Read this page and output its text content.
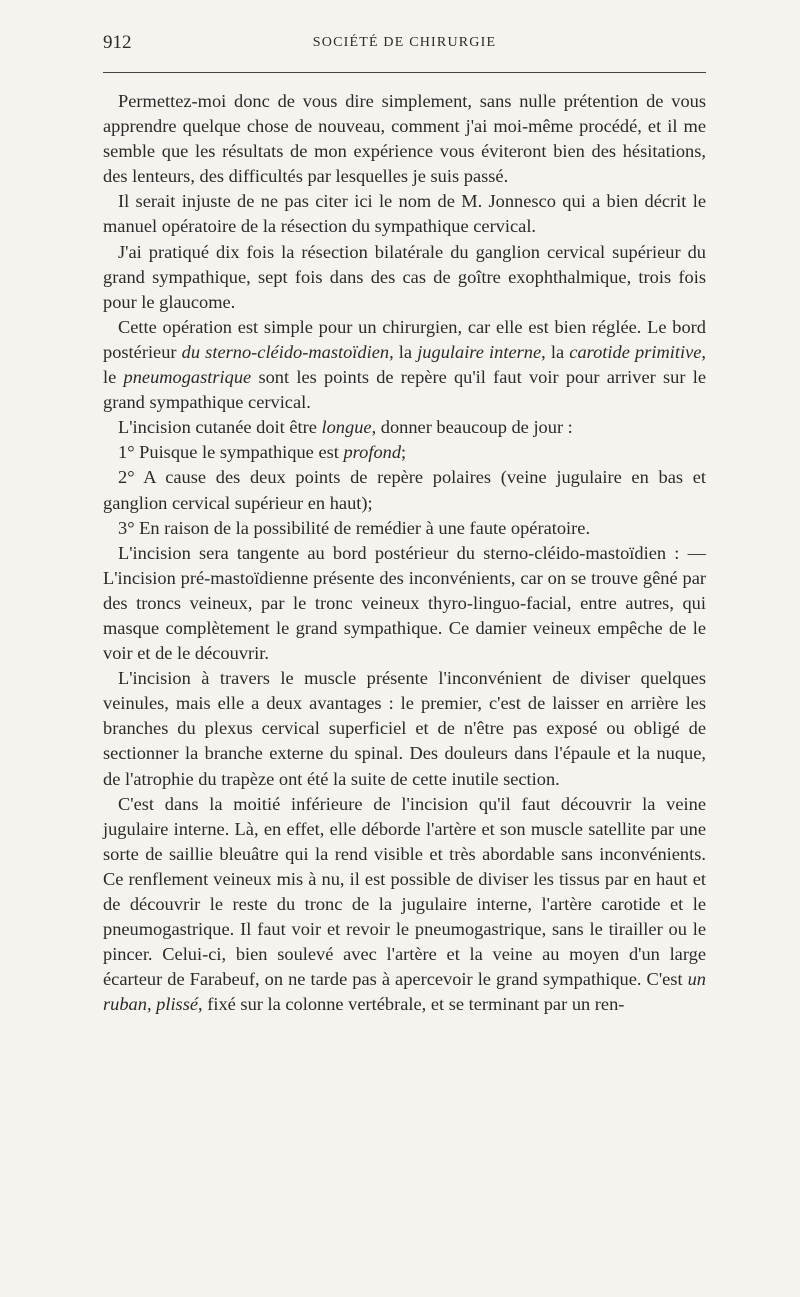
912	SOCIÉTÉ DE CHIRURGIE

Permettez-moi donc de vous dire simplement, sans nulle prétention de vous apprendre quelque chose de nouveau, comment j'ai moi-même procédé, et il me semble que les résultats de mon expérience vous éviteront bien des hésitations, des lenteurs, des difficultés par lesquelles je suis passé.

Il serait injuste de ne pas citer ici le nom de M. Jonnesco qui a bien décrit le manuel opératoire de la résection du sympathique cervical.

J'ai pratiqué dix fois la résection bilatérale du ganglion cervical supérieur du grand sympathique, sept fois dans des cas de goître exophthalmique, trois fois pour le glaucome.

Cette opération est simple pour un chirurgien, car elle est bien réglée. Le bord postérieur du sterno-cléido-mastoïdien, la jugulaire interne, la carotide primitive, le pneumogastrique sont les points de repère qu'il faut voir pour arriver sur le grand sympathique cervical.

L'incision cutanée doit être longue, donner beaucoup de jour :

1° Puisque le sympathique est profond;

2° A cause des deux points de repère polaires (veine jugulaire en bas et ganglion cervical supérieur en haut);

3° En raison de la possibilité de remédier à une faute opératoire.

L'incision sera tangente au bord postérieur du sterno-cléido-mastoïdien : — L'incision pré-mastoïdienne présente des inconvénients, car on se trouve gêné par des troncs veineux, par le tronc veineux thyro-linguo-facial, entre autres, qui masque complètement le grand sympathique. Ce damier veineux empêche de le voir et de le découvrir.

L'incision à travers le muscle présente l'inconvénient de diviser quelques veinules, mais elle a deux avantages : le premier, c'est de laisser en arrière les branches du plexus cervical superficiel et de n'être pas exposé ou obligé de sectionner la branche externe du spinal. Des douleurs dans l'épaule et la nuque, de l'atrophie du trapèze ont été la suite de cette inutile section.

C'est dans la moitié inférieure de l'incision qu'il faut découvrir la veine jugulaire interne. Là, en effet, elle déborde l'artère et son muscle satellite par une sorte de saillie bleuâtre qui la rend visible et très abordable sans inconvénients. Ce renflement veineux mis à nu, il est possible de diviser les tissus par en haut et de découvrir le reste du tronc de la jugulaire interne, l'artère carotide et le pneumogastrique. Il faut voir et revoir le pneumogastrique, sans le tirailler ou le pincer. Celui-ci, bien soulevé avec l'artère et la veine au moyen d'un large écarteur de Farabeuf, on ne tarde pas à apercevoir le grand sympathique. C'est un ruban, plissé, fixé sur la colonne vertébrale, et se terminant par un ren-
